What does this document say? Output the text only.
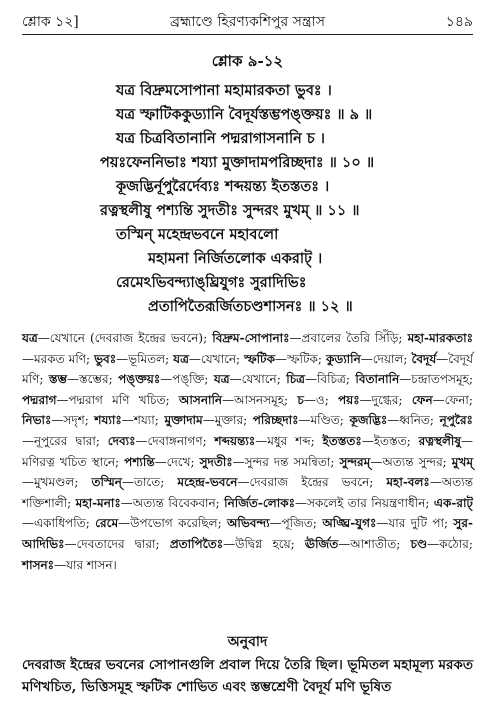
শ্লোক ১২]	ব্রহ্মাণ্ডে হিরণ্যকশিপুর সন্ত্রাস	১৪৯
শ্লোক ৯-১২
যত্র বিদ্রুমসোপানা মহামারকতা ভুবঃ ।
যত্র স্ফাটিককুড্যানি বৈদূর্যস্তম্ভপঙ্‌ক্তয়ঃ ॥ ৯ ॥
যত্র চিত্রবিতানানি পদ্মরাগাসনানি চ ।
পয়ঃফেননিভাঃ শয্যা মুক্তাদামপরিচ্ছদাঃ ॥ ১০ ॥
কূজদ্ভির্নূপুরৈর্দেব্যঃ শব্দয়ন্ত্য ইতস্ততঃ ।
রত্নস্থলীষু পশ্যন্তি সুদতীঃ সুন্দরং মুখম্‌ ॥ ১১ ॥
তস্মিন্‌ মহেন্দ্রভবনে মহাবলো
মহামনা নির্জিতলোক একরাট্‌ ।
রেমেঽভিবন্দ্যাঙ্‌ঘ্রিযুগঃ সুরাদিভিঃ
প্রতাপিতৈরূর্জিতচণ্ডশাসনঃ ॥ ১২ ॥
যত্র—যেখানে (দেবরাজ ইন্দ্রের ভবনে); বিদ্রুম-সোপানাঃ—প্রবালের তৈরি সিঁড়ি; মহা-মারকতাঃ—মরকত মণি; ভুবঃ—ভূমিতল; যত্র—যেখানে; স্ফটিক—স্ফটিক; কুড্যানি—দেয়াল; বৈদূর্য—বৈদূর্য মণি; স্তম্ভ—স্তম্ভের; পঙ্‌ক্তয়ঃ—পঙ্‌ক্তি; যত্র—যেখানে; চিত্র—বিচিত্র; বিতানানি—চন্দ্রাতপসমূহ; পদ্মরাগ—পদ্মরাগ মণি খচিত; আসনানি—আসনসমূহ; চ—ও; পয়ঃ—দুগ্ধের; ফেন—ফেনা; নিভাঃ—সদৃশ; শয্যাঃ—শয্যা; মুক্তাদাম—মুক্তার; পরিচ্ছদাঃ—মণ্ডিত; কূজদ্ভিঃ—ধ্বনিত; নূপুরৈঃ—নূপুরের দ্বারা; দেব্যঃ—দেবাঙ্গনাগণ; শব্দয়ন্ত্যঃ—মধুর শব্দ; ইতস্ততঃ—ইতস্তত; রত্নস্থলীষু—মণিরত্ন খচিত স্থানে; পশ্যন্তি—দেখে; সুদতীঃ—সুন্দর দন্ত সমন্বিতা; সুন্দরম্‌—অত্যন্ত সুন্দর; মুখম্‌—মুখমণ্ডল; তস্মিন্‌—তাতে; মহেন্দ্র-ভবনে—দেবরাজ ইন্দ্রের ভবনে; মহা-বলঃ—অত্যন্ত শক্তিশালী; মহা-মনাঃ—অত্যন্ত বিবেকবান; নির্জিত-লোকঃ—সকলেই তার নিয়ন্ত্রণাধীন; এক-রাট্‌—একাধিপতি; রেমে—উপভোগ করেছিল; অভিবন্দ্য—পূজিত; অঙ্ঘ্রি-যুগঃ—যার দুটি পা; সুর-আদিভিঃ—দেবতাদের দ্বারা; প্রতাপিতৈঃ—উদ্বিগ্ন হয়ে; ঊর্জিত—আশাতীত; চণ্ড—কঠোর; শাসনঃ—যার শাসন।
অনুবাদ
দেবরাজ ইন্দ্রের ভবনের সোপানগুলি প্রবাল দিয়ে তৈরি ছিল। ভূমিতল মহামূল্য মরকত মণিখচিত, ভিত্তিসমূহ স্ফটিক শোভিত এবং স্তম্ভশ্রেণী বৈদূর্য মণি ভূষিত
